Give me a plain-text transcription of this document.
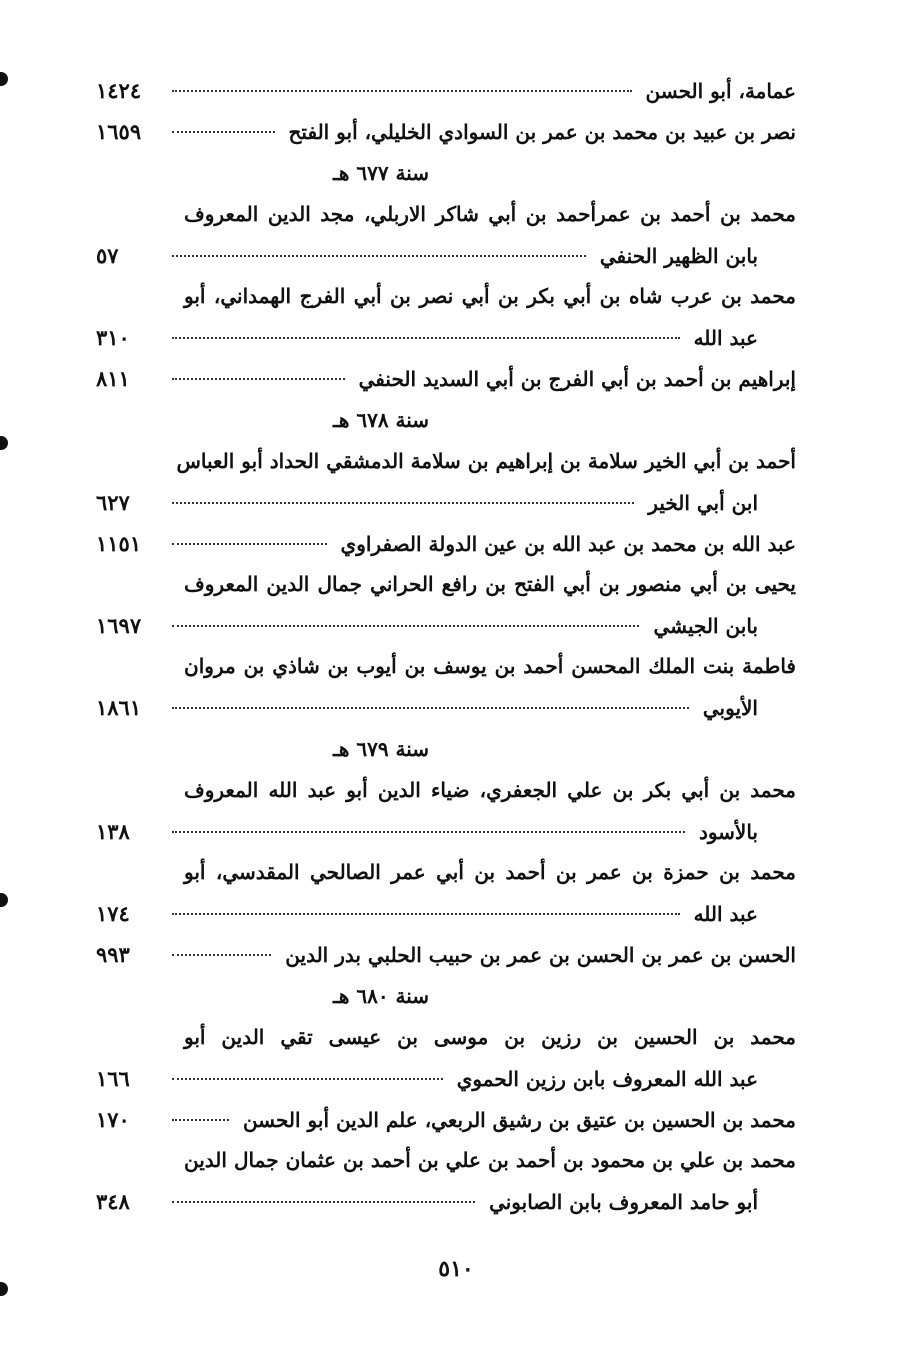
عمامة، أبو الحسن
١٤٢٤
نصر بن عبيد بن محمد بن عمر بن السوادي الخليلي، أبو الفتح
١٦٥٩
سنة ٦٧٧ هـ
محمد بن أحمد بن عمرأحمد بن أبي شاكر الاربلي، مجد الدين المعروف
بابن الظهير الحنفي
٥٧
محمد بن عرب شاه بن أبي بكر بن أبي نصر بن أبي الفرج الهمداني، أبو
عبد الله
٣١٠
إبراهيم بن أحمد بن أبي الفرج بن أبي السديد الحنفي
٨١١
سنة ٦٧٨ هـ
أحمد بن أبي الخير سلامة بن إبراهيم بن سلامة الدمشقي الحداد أبو العباس
ابن أبي الخير
٦٢٧
عبد الله بن محمد بن عبد الله بن عين الدولة الصفراوي
١١٥١
يحيى بن أبي منصور بن أبي الفتح بن رافع الحراني جمال الدين المعروف
بابن الجيشي
١٦٩٧
فاطمة بنت الملك المحسن أحمد بن يوسف بن أيوب بن شاذي بن مروان
الأيوبي
١٨٦١
سنة ٦٧٩ هـ
محمد بن أبي بكر بن علي الجعفري، ضياء الدين أبو عبد الله المعروف
بالأسود
١٣٨
محمد بن حمزة بن عمر بن أحمد بن أبي عمر الصالحي المقدسي، أبو
عبد الله
١٧٤
الحسن بن عمر بن الحسن بن عمر بن حبيب الحلبي بدر الدين
٩٩٣
سنة ٦٨٠ هـ
محمد بن الحسين بن رزين بن موسى بن عيسى تقي الدين أبو
عبد الله المعروف بابن رزين الحموي
١٦٦
محمد بن الحسين بن عتيق بن رشيق الربعي، علم الدين أبو الحسن
١٧٠
محمد بن علي بن محمود بن أحمد بن علي بن أحمد بن عثمان جمال الدين
أبو حامد المعروف بابن الصابوني
٣٤٨
٥١٠
